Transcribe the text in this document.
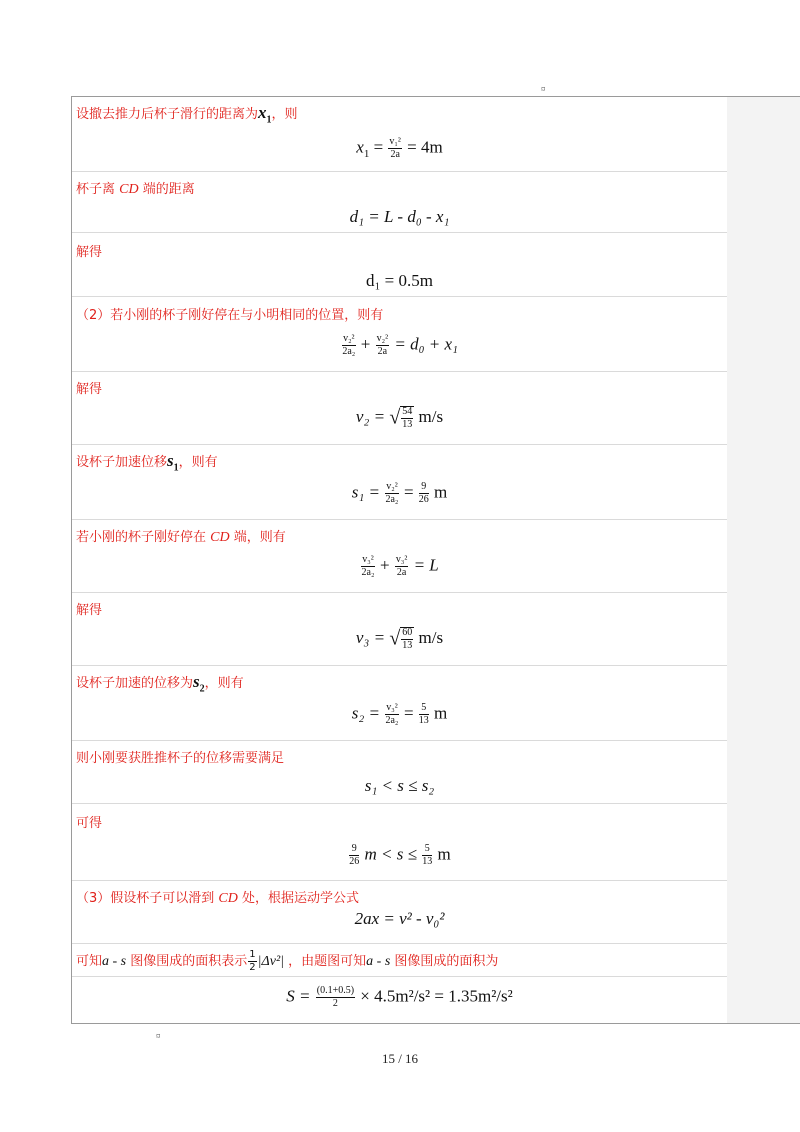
¤
设撤去推力后杯子滑行的距离为$x_1$，则
$x_1 = \frac{\text{v₁²}}{2a} = 4m$
杯子离 CD 端的距离
d₁ = L - d₀ - x₁
解得
d₁ = 0.5m
（2）若小刚的杯子刚好停在与小明相同的位置，则有
$\frac{\text{v₂²}}{\text{2a₂}} + \frac{\text{v₂²}}{2a} = d_0 + x_1$
解得
v₂ = √ $\frac{54}{13} m/s$
设杯子加速位移$s_1$，则有
$s_1 = \frac{\text{v₂²}}{\text{2a₂}} = \frac{9}{26}$ m
若小刚的杯子刚好停在 CD 端，则有
$\frac{\text{v₃²}}{\text{2a₂}} + \frac{\text{v₃²}}{2a} = L$
解得
v₃ = √ $\frac{60}{13} m/s$
设杯子加速的位移为$s_2$，则有
$s_2 = \frac{\text{v₃²}}{\text{2a₂}} = \frac{5}{13}$ m
则小刚要获胜推杯子的位移需要满足
s₁ < s ≤ s₂
可得
$\frac{9}{26}$ $m < s \le \frac{5}{13}$ m
（3）假设杯子可以滑到 CD 处，根据运动学公式
2ax = v² - v₀²
可知a - s 图像围成的面积表示 $\frac{1}{2} |\Delta v^2|$ ，由题图可知a - s 图像围成的面积为
$S = \frac{(0.1+0.5)}{2} \times 4.5m^2/s^2 = 1.35m^2/s^2$
¤
15 / 16
